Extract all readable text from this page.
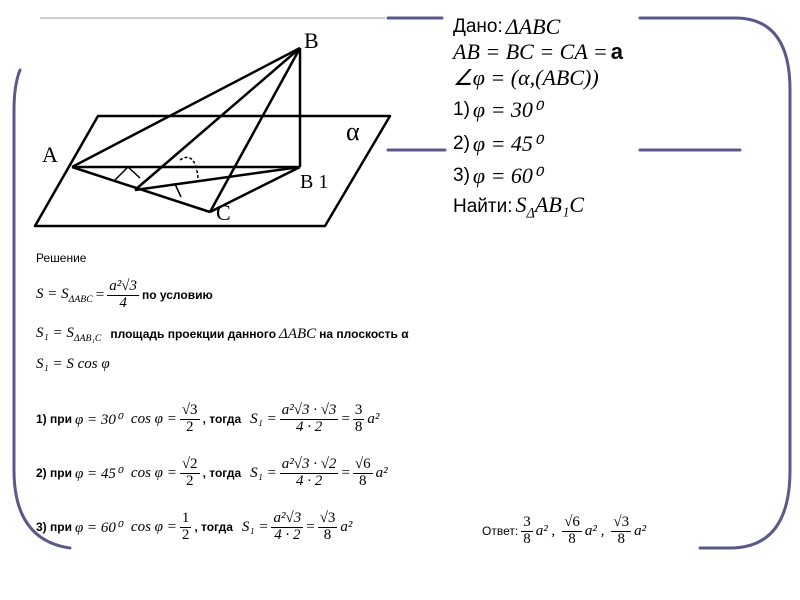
B
A
B 1
C
α
Дано: ΔABC
AB = BC = CA = a
∠φ = (α,(ABC))
1) φ = 30⁰
2) φ = 45⁰
3) φ = 60⁰
Найти: $S_\Delta AB_1C$
Решение
$S = S_{\Delta ABC} = \frac{\text{a²√3}}{4}$ по условию
$S_1 = S_{\Delta AB_1C}$ площадь проекции данного ΔABC на плоскость α
S₁ = S cos φ
1) при φ = 30⁰ $\cos \varphi = \frac{√3}{2}$ , тогда $S_1 = \frac{\text{a²√3 · √3}}{4 \cdot 2} = \frac{3}{8} a^2$
2) при φ = 45⁰ $\cos \varphi = \frac{√2}{2}$ , тогда $S_1 = \frac{\text{a²√3 · √2}}{4 \cdot 2} = \frac{√6}{8} a^2$
3) при φ = 60⁰ $\cos \varphi = \frac{1}{2}$ , тогда $S_1 = \frac{\text{a²√3}}{4 \cdot 2} = \frac{√3}{8} a^2$	Ответ: $\frac{3}{8} a^2$ , $\frac{√6}{8} a^2$ , $\frac{√3}{8} a^2$
